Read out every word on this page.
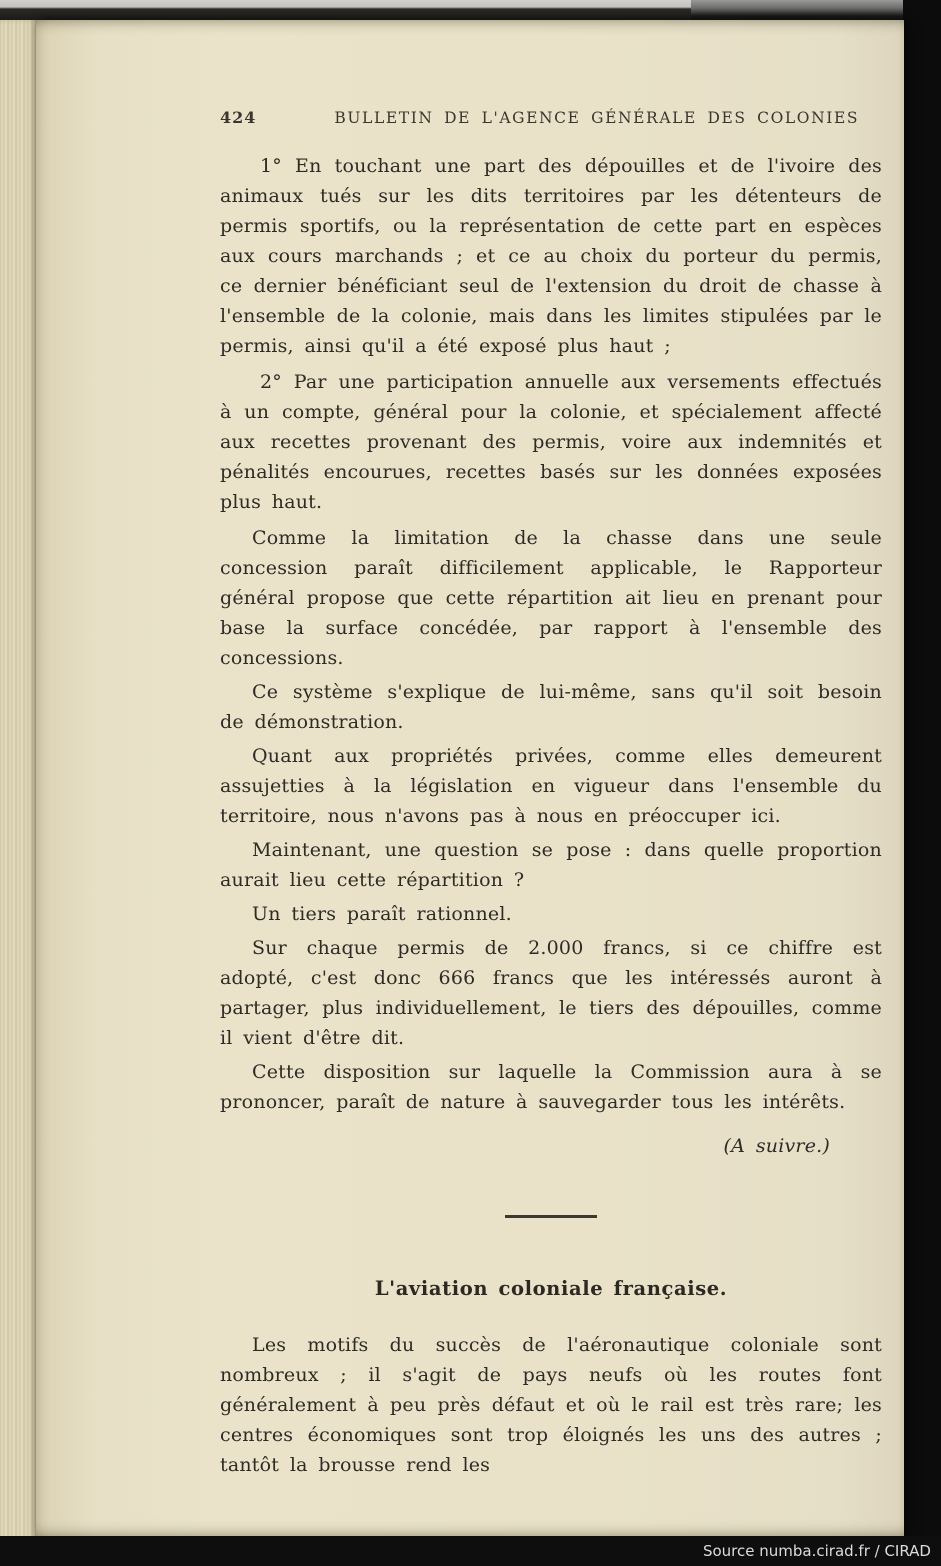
424	BULLETIN DE L'AGENCE GÉNÉRALE DES COLONIES

1° En touchant une part des dépouilles et de l'ivoire des animaux tués sur les dits territoires par les détenteurs de permis sportifs, ou la représentation de cette part en espèces aux cours marchands ; et ce au choix du porteur du permis, ce dernier bénéficiant seul de l'extension du droit de chasse à l'ensemble de la colonie, mais dans les limites stipulées par le permis, ainsi qu'il a été exposé plus haut ;

2° Par une participation annuelle aux versements effectués à un compte, général pour la colonie, et spécialement affecté aux recettes provenant des permis, voire aux indemnités et pénalités encourues, recettes basés sur les données exposées plus haut.

Comme la limitation de la chasse dans une seule concession paraît difficilement applicable, le Rapporteur général propose que cette répartition ait lieu en prenant pour base la surface concédée, par rapport à l'ensemble des concessions.

Ce système s'explique de lui-même, sans qu'il soit besoin de démonstration.

Quant aux propriétés privées, comme elles demeurent assujetties à la législation en vigueur dans l'ensemble du territoire, nous n'avons pas à nous en préoccuper ici.

Maintenant, une question se pose : dans quelle proportion aurait lieu cette répartition ?

Un tiers paraît rationnel.

Sur chaque permis de 2.000 francs, si ce chiffre est adopté, c'est donc 666 francs que les intéressés auront à partager, plus individuellement, le tiers des dépouilles, comme il vient d'être dit.

Cette disposition sur laquelle la Commission aura à se prononcer, paraît de nature à sauvegarder tous les intérêts.

(A suivre.)

L'aviation coloniale française.

Les motifs du succès de l'aéronautique coloniale sont nombreux ; il s'agit de pays neufs où les routes font généralement à peu près défaut et où le rail est très rare; les centres économiques sont trop éloignés les uns des autres ; tantôt la brousse rend les

Source numba.cirad.fr / CIRAD
